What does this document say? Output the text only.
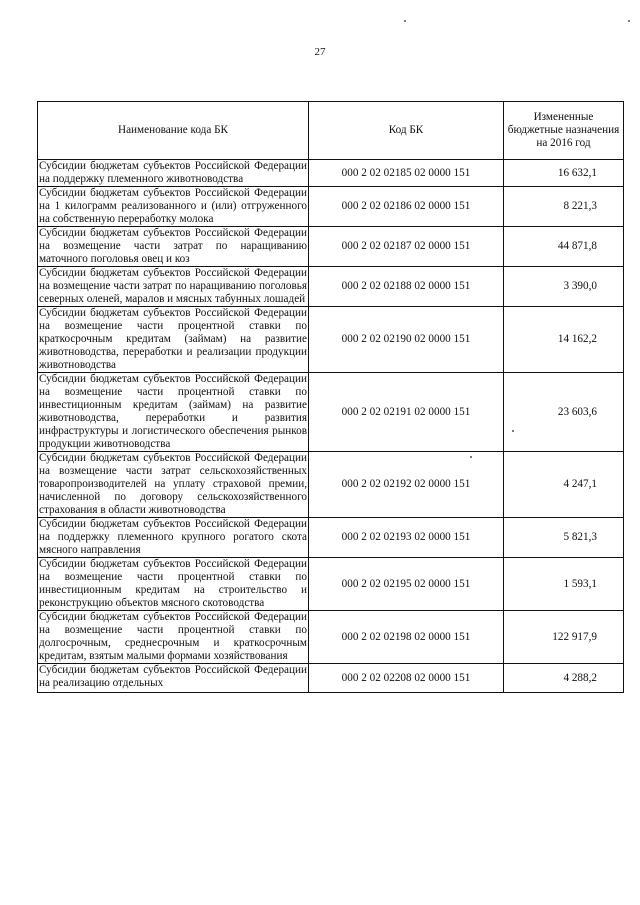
27
Наименование кода БК	Код БК	Измененные бюджетные назначения на 2016 год
Субсидии бюджетам субъектов Российской Федерации на поддержку племенного животноводства	000 2 02 02185 02 0000 151	16 632,1
Субсидии бюджетам субъектов Российской Федерации на 1 килограмм реализованного и (или) отгруженного на собственную переработку молока	000 2 02 02186 02 0000 151	8 221,3
Субсидии бюджетам субъектов Российской Федерации на возмещение части затрат по наращиванию маточного поголовья овец и коз	000 2 02 02187 02 0000 151	44 871,8
Субсидии бюджетам субъектов Российской Федерации на возмещение части затрат по наращиванию поголовья северных оленей, маралов и мясных табунных лошадей	000 2 02 02188 02 0000 151	3 390,0
Субсидии бюджетам субъектов Российской Федерации на возмещение части процентной ставки по краткосрочным кредитам (займам) на развитие животноводства, переработки и реализации продукции животноводства	000 2 02 02190 02 0000 151	14 162,2
Субсидии бюджетам субъектов Российской Федерации на возмещение части процентной ставки по инвестиционным кредитам (займам) на развитие животноводства, переработки и развития инфраструктуры и логистического обеспечения рынков продукции животноводства	000 2 02 02191 02 0000 151	23 603,6
Субсидии бюджетам субъектов Российской Федерации на возмещение части затрат сельскохозяйственных товаропроизводителей на уплату страховой премии, начисленной по договору сельскохозяйственного страхования в области животноводства	000 2 02 02192 02 0000 151	4 247,1
Субсидии бюджетам субъектов Российской Федерации на поддержку племенного крупного рогатого скота мясного направления	000 2 02 02193 02 0000 151	5 821,3
Субсидии бюджетам субъектов Российской Федерации на возмещение части процентной ставки по инвестиционным кредитам на строительство и реконструкцию объектов мясного скотоводства	000 2 02 02195 02 0000 151	1 593,1
Субсидии бюджетам субъектов Российской Федерации на возмещение части процентной ставки по долгосрочным, среднесрочным и краткосрочным кредитам, взятым малыми формами хозяйствования	000 2 02 02198 02 0000 151	122 917,9
Субсидии бюджетам субъектов Российской Федерации на реализацию отдельных	000 2 02 02208 02 0000 151	4 288,2
